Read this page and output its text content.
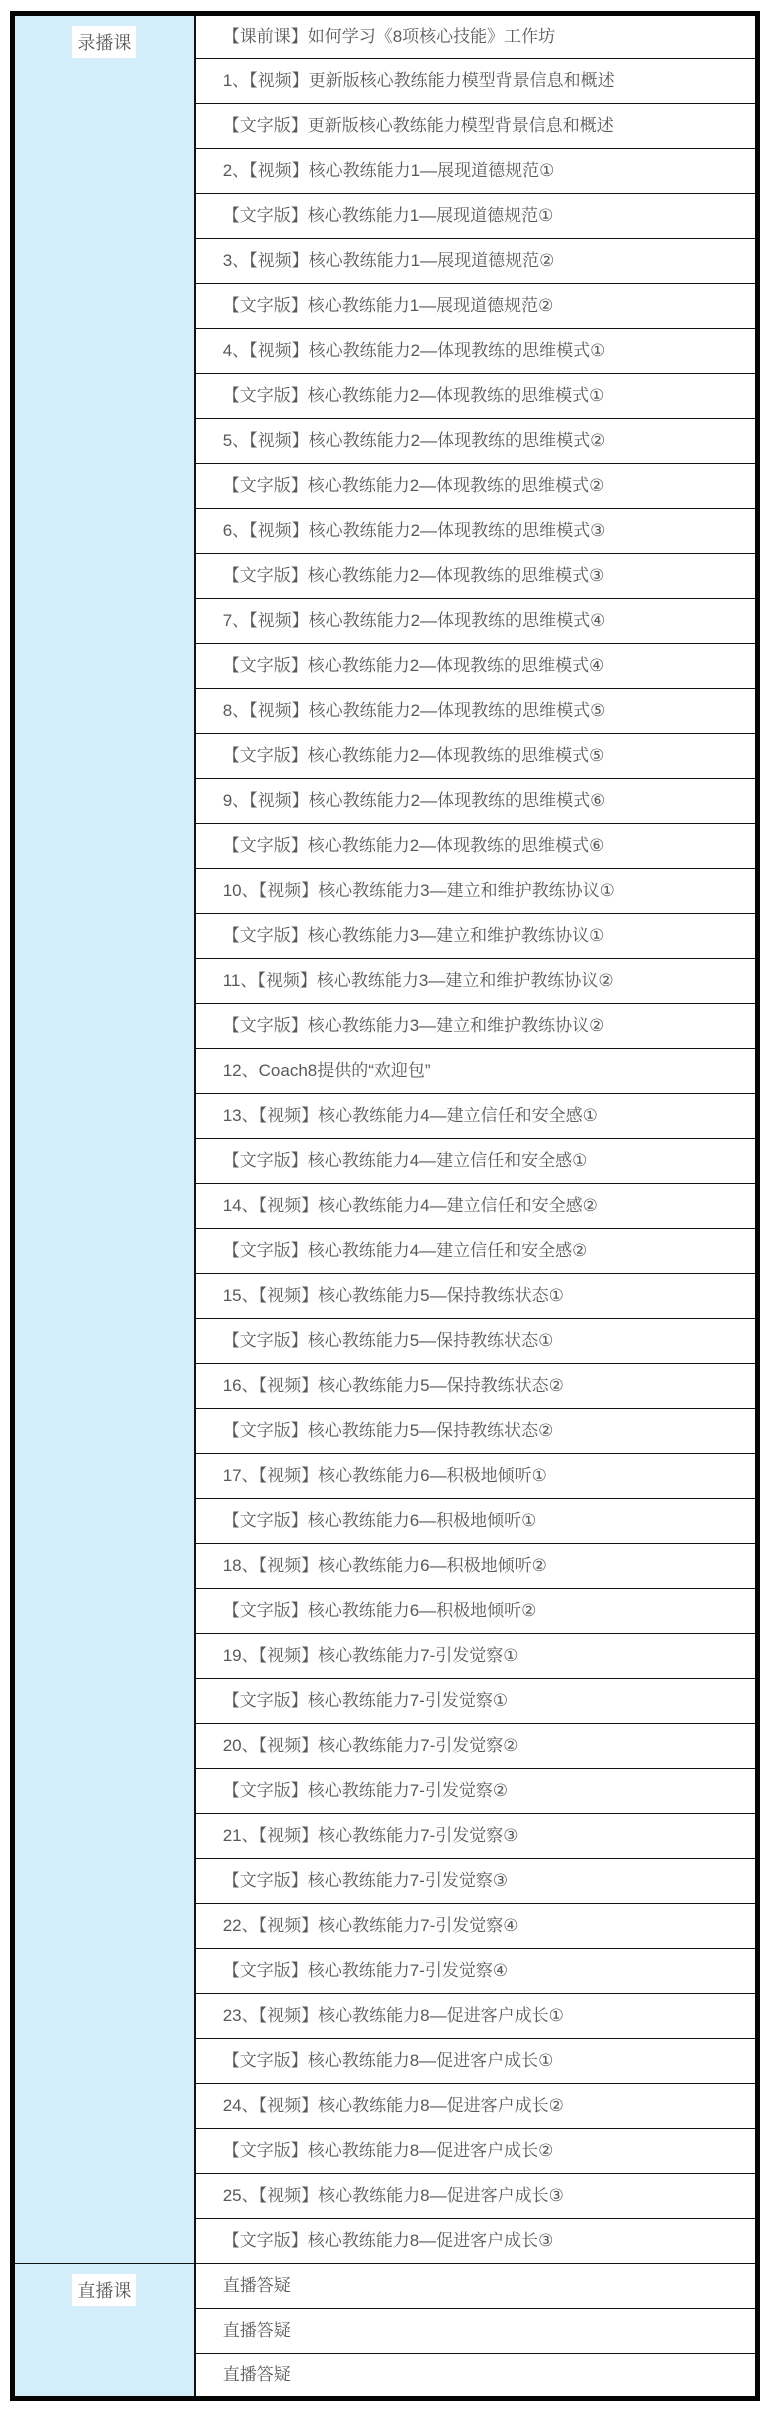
录播课	【课前课】如何学习《8项核心技能》工作坊
	1、【视频】更新版核心教练能力模型背景信息和概述
	【文字版】更新版核心教练能力模型背景信息和概述
	2、【视频】核心教练能力1—展现道德规范①
	【文字版】核心教练能力1—展现道德规范①
	3、【视频】核心教练能力1—展现道德规范②
	【文字版】核心教练能力1—展现道德规范②
	4、【视频】核心教练能力2—体现教练的思维模式①
	【文字版】核心教练能力2—体现教练的思维模式①
	5、【视频】核心教练能力2—体现教练的思维模式②
	【文字版】核心教练能力2—体现教练的思维模式②
	6、【视频】核心教练能力2—体现教练的思维模式③
	【文字版】核心教练能力2—体现教练的思维模式③
	7、【视频】核心教练能力2—体现教练的思维模式④
	【文字版】核心教练能力2—体现教练的思维模式④
	8、【视频】核心教练能力2—体现教练的思维模式⑤
	【文字版】核心教练能力2—体现教练的思维模式⑤
	9、【视频】核心教练能力2—体现教练的思维模式⑥
	【文字版】核心教练能力2—体现教练的思维模式⑥
	10、【视频】核心教练能力3—建立和维护教练协议①
	【文字版】核心教练能力3—建立和维护教练协议①
	11、【视频】核心教练能力3—建立和维护教练协议②
	【文字版】核心教练能力3—建立和维护教练协议②
	12、Coach8提供的“欢迎包”
	13、【视频】核心教练能力4—建立信任和安全感①
	【文字版】核心教练能力4—建立信任和安全感①
	14、【视频】核心教练能力4—建立信任和安全感②
	【文字版】核心教练能力4—建立信任和安全感②
	15、【视频】核心教练能力5—保持教练状态①
	【文字版】核心教练能力5—保持教练状态①
	16、【视频】核心教练能力5—保持教练状态②
	【文字版】核心教练能力5—保持教练状态②
	17、【视频】核心教练能力6—积极地倾听①
	【文字版】核心教练能力6—积极地倾听①
	18、【视频】核心教练能力6—积极地倾听②
	【文字版】核心教练能力6—积极地倾听②
	19、【视频】核心教练能力7-引发觉察①
	【文字版】核心教练能力7-引发觉察①
	20、【视频】核心教练能力7-引发觉察②
	【文字版】核心教练能力7-引发觉察②
	21、【视频】核心教练能力7-引发觉察③
	【文字版】核心教练能力7-引发觉察③
	22、【视频】核心教练能力7-引发觉察④
	【文字版】核心教练能力7-引发觉察④
	23、【视频】核心教练能力8—促进客户成长①
	【文字版】核心教练能力8—促进客户成长①
	24、【视频】核心教练能力8—促进客户成长②
	【文字版】核心教练能力8—促进客户成长②
	25、【视频】核心教练能力8—促进客户成长③
	【文字版】核心教练能力8—促进客户成长③
直播课	直播答疑
	直播答疑
	直播答疑
